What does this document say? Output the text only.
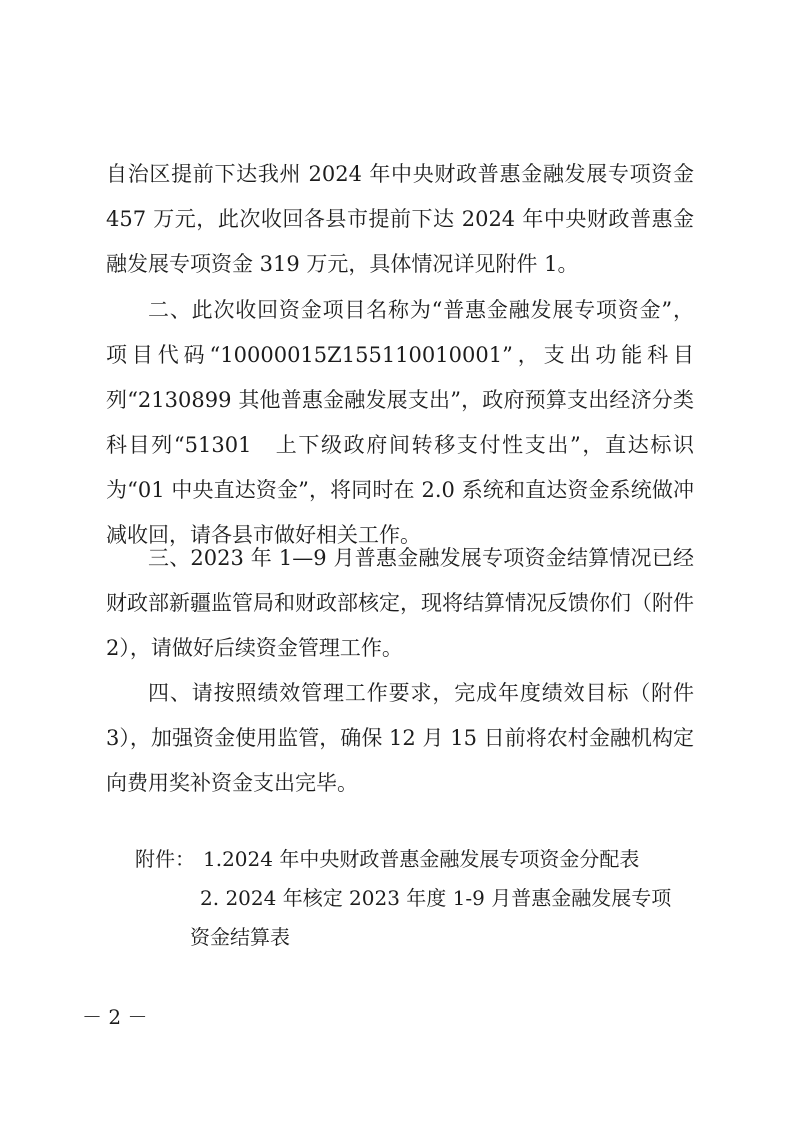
自治区提前下达我州 2024 年中央财政普惠金融发展专项资金 457 万元，此次收回各县市提前下达 2024 年中央财政普惠金融发展专项资金 319 万元，具体情况详见附件 1。

二、此次收回资金项目名称为“普惠金融发展专项资金”，项目代码“10000015Z155110010001”，支出功能科目列“2130899 其他普惠金融发展支出”，政府预算支出经济分类科目列“51301　上下级政府间转移支付性支出”，直达标识为“01 中央直达资金”，将同时在 2.0 系统和直达资金系统做冲减收回，请各县市做好相关工作。

三、2023 年 1—9 月普惠金融发展专项资金结算情况已经财政部新疆监管局和财政部核定，现将结算情况反馈你们（附件 2），请做好后续资金管理工作。

四、请按照绩效管理工作要求，完成年度绩效目标（附件 3），加强资金使用监管，确保 12 月 15 日前将农村金融机构定向费用奖补资金支出完毕。

附件： 1.2024 年中央财政普惠金融发展专项资金分配表
2. 2024 年核定 2023 年度 1-9 月普惠金融发展专项
资金结算表
－ 2 －
